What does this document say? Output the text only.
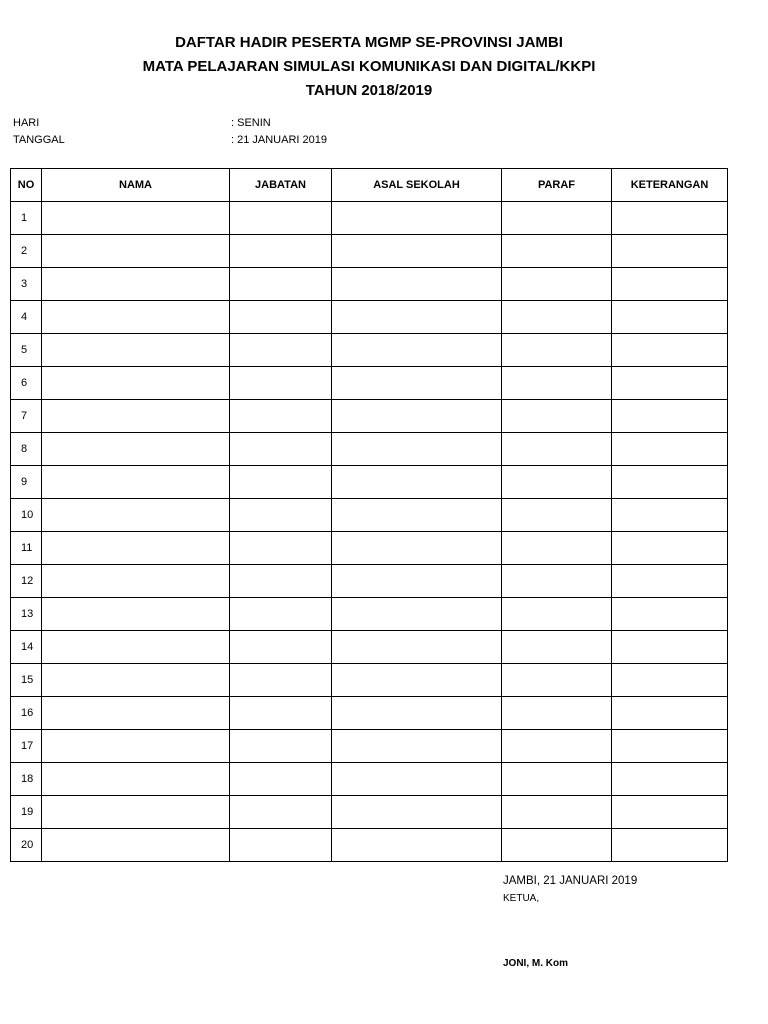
DAFTAR HADIR PESERTA MGMP SE-PROVINSI JAMBI
MATA PELAJARAN SIMULASI KOMUNIKASI DAN DIGITAL/KKPI
TAHUN 2018/2019
HARI	: SENIN
TANGGAL	: 21 JANUARI 2019
NO	NAMA	JABATAN	ASAL SEKOLAH	PARAF	KETERANGAN
1					
2					
3					
4					
5					
6					
7					
8					
9					
10					
11					
12					
13					
14					
15					
16					
17					
18					
19					
20					
JAMBI, 21 JANUARI 2019
KETUA,
JONI, M. Kom
